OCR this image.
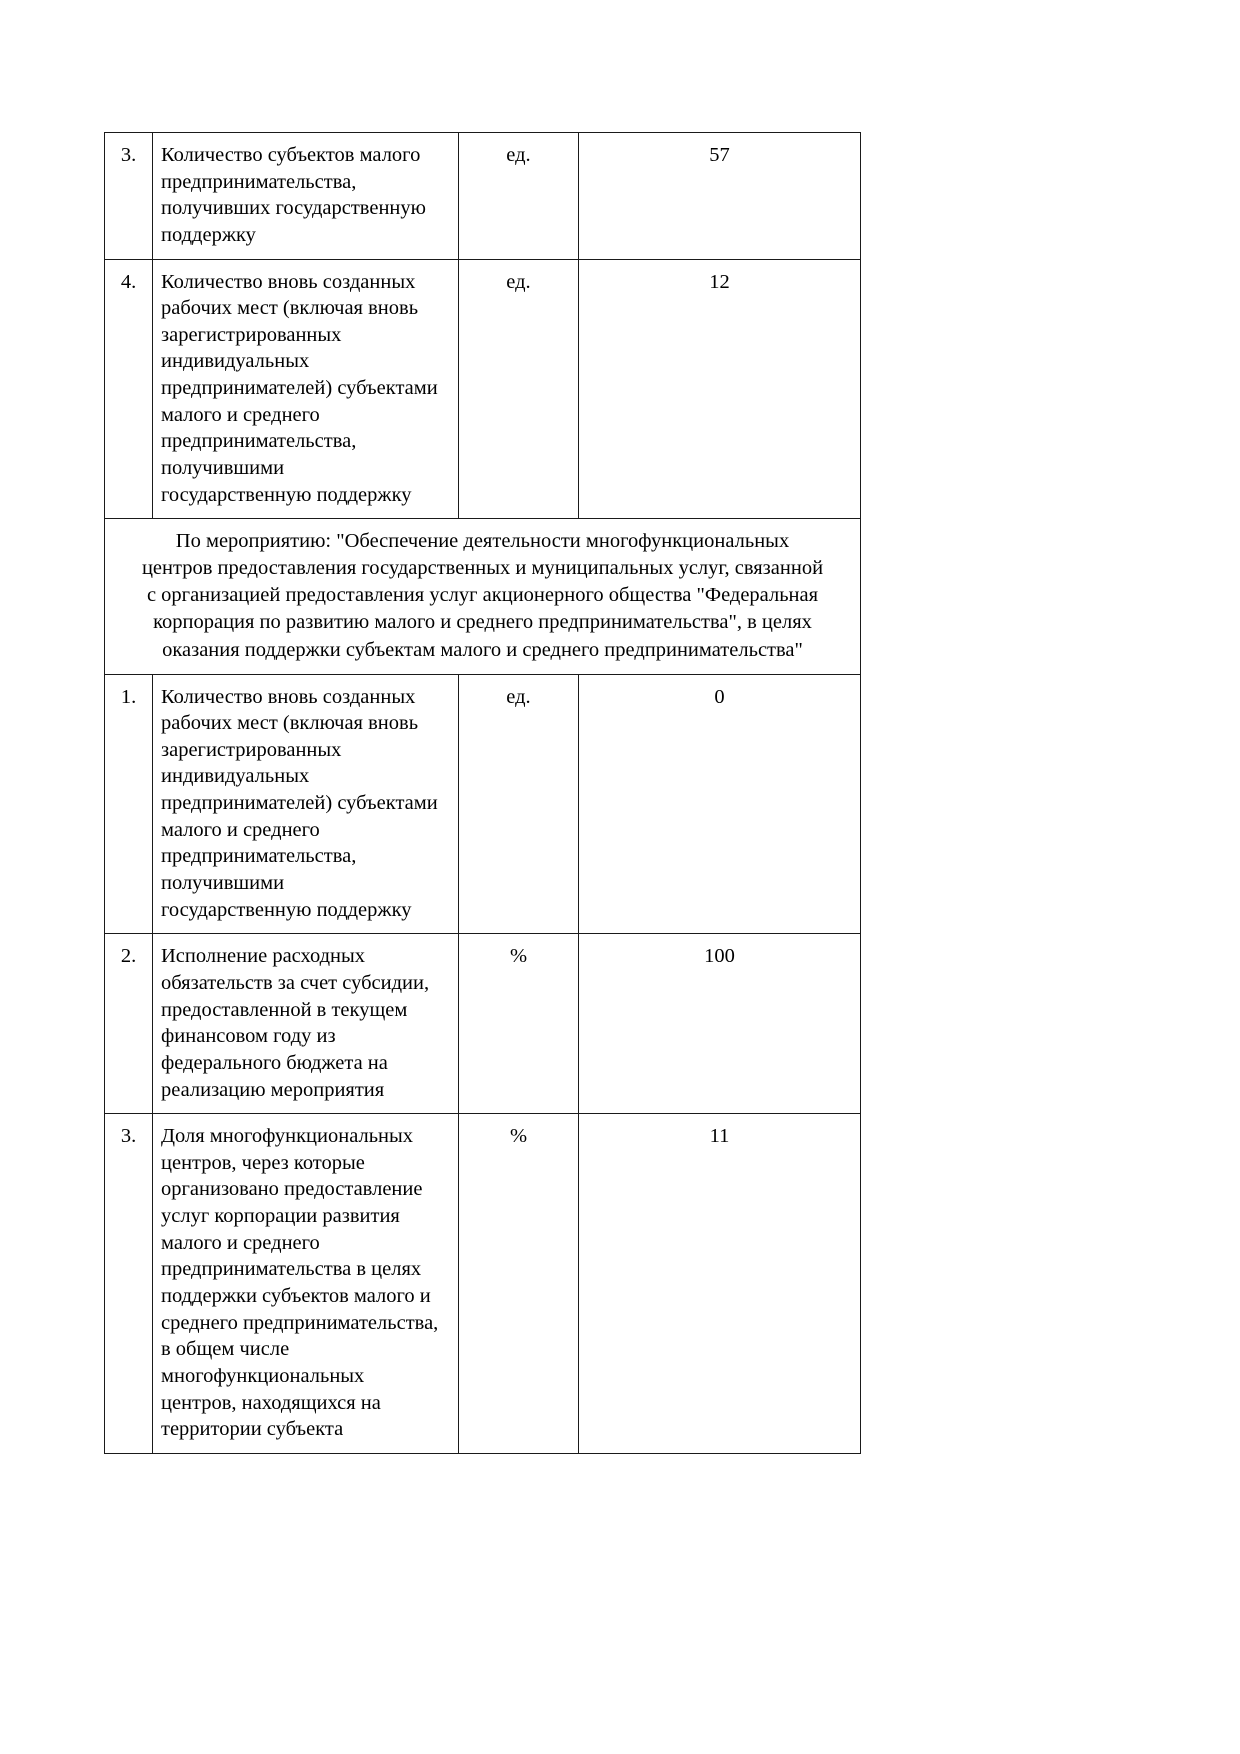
3.	Количество субъектов малого
предпринимательства,
получивших государственную
поддержку	ед.	57
4.	Количество вновь созданных
рабочих мест (включая вновь
зарегистрированных
индивидуальных
предпринимателей) субъектами
малого и среднего
предпринимательства,
получившими
государственную поддержку
	ед.	12

По мероприятию: "Обеспечение деятельности многофункциональных
центров предоставления государственных и муниципальных услуг, связанной
с организацией предоставления услуг акционерного общества "Федеральная
корпорация по развитию малого и среднего предпринимательства", в целях
оказания поддержки субъектам малого и среднего предпринимательства"			

1.	Количество вновь созданных
рабочих мест (включая вновь
зарегистрированных
индивидуальных
предпринимателей) субъектами
малого и среднего
предпринимательства,
получившими
государственную поддержку
	ед.	0
2.	Исполнение расходных
обязательств за счет субсидии,
предоставленной в текущем
финансовом году из
федерального бюджета на
реализацию мероприятия
	%	100
3.	Доля многофункциональных
центров, через которые
организовано предоставление
услуг корпорации развития
малого и среднего
предпринимательства в целях
поддержки субъектов малого и
среднего предпринимательства,
в общем числе
многофункциональных
центров, находящихся на
территории субъекта
	%	11
